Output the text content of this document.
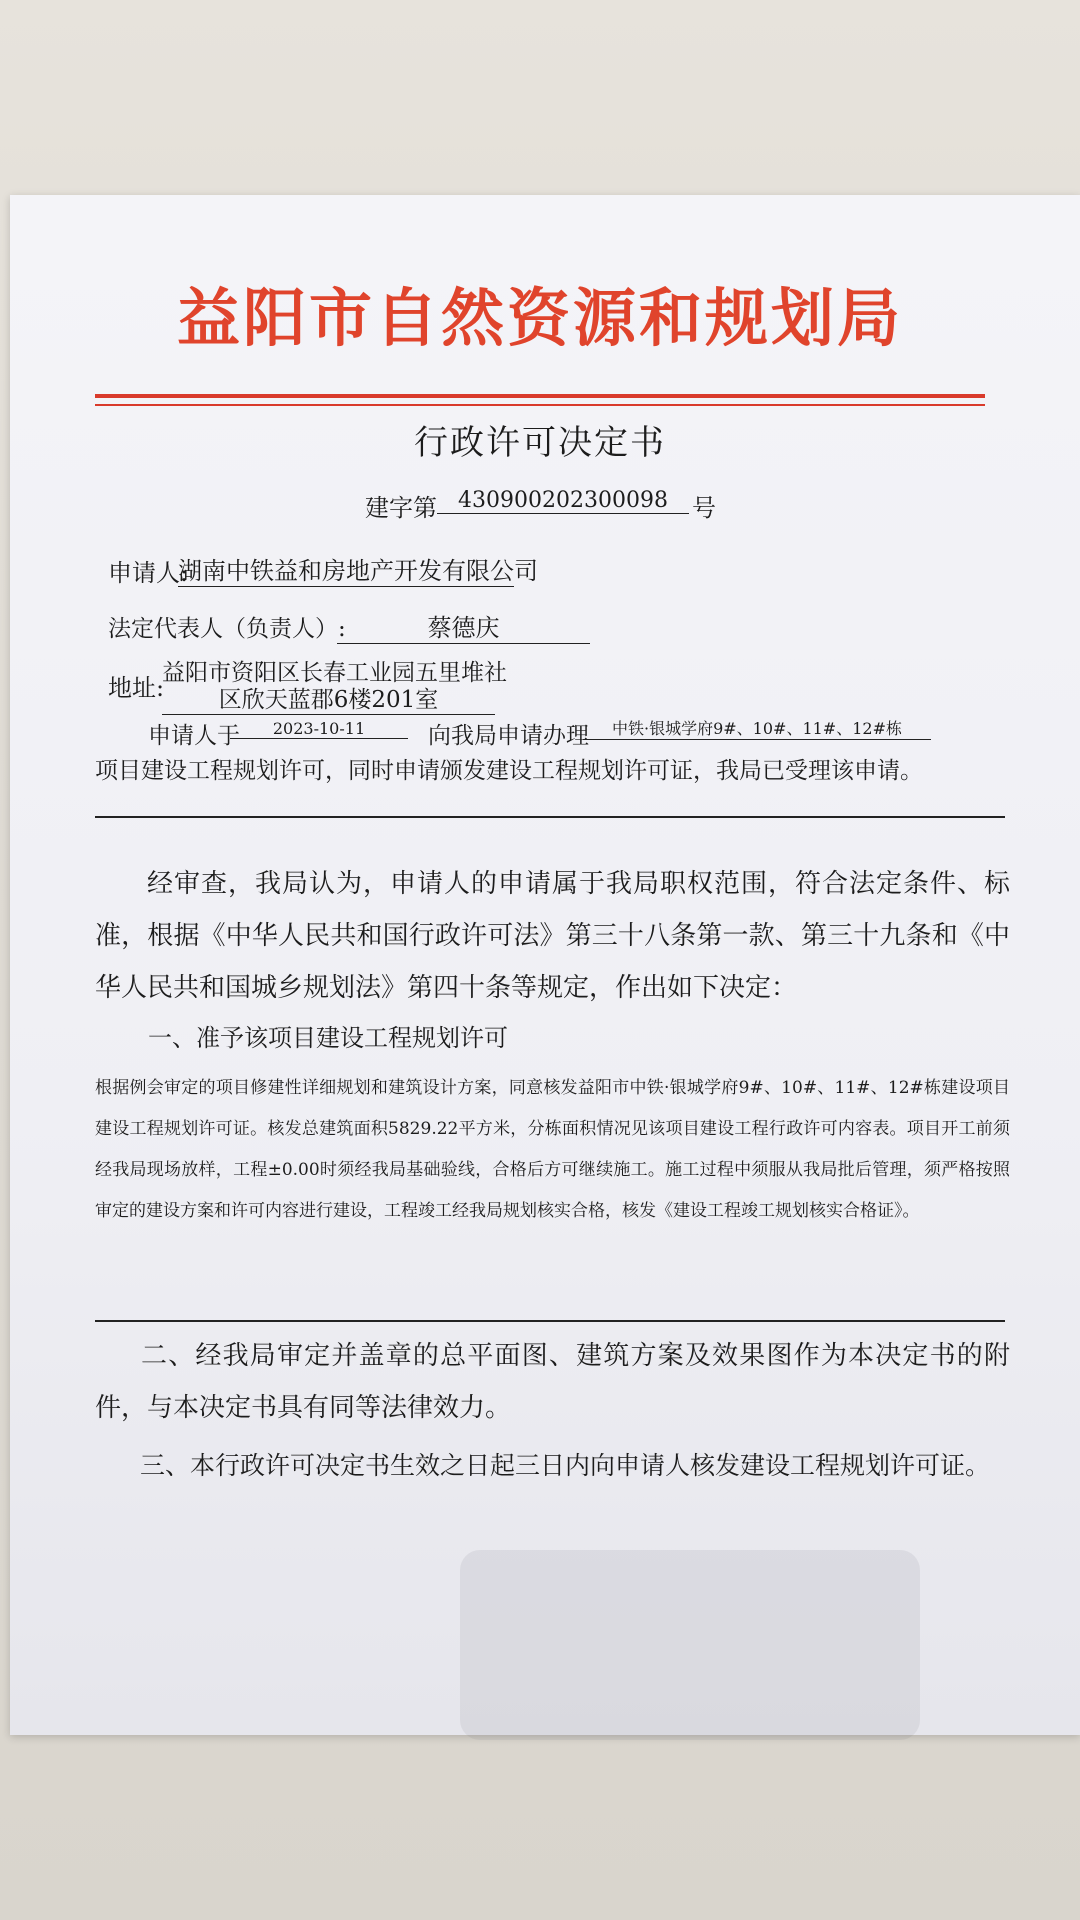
益阳市自然资源和规划局
行政许可决定书
建字第 430900202300098	号
申请人:
湖南中铁益和房地产开发有限公司
法定代表人（负责人）:	蔡德庆
地址:
益阳市资阳区长春工业园五里堆社
区欣天蓝郡6楼201室
申请人于	2023-10-11	向我局申请办理	中铁·银城学府9#、10#、11#、12#栋
项目建设工程规划许可，同时申请颁发建设工程规划许可证，我局已受理该申请。
经审查，我局认为，申请人的申请属于我局职权范围，符合法定条件、标准，根据《中华人民共和国行政许可法》第三十八条第一款、第三十九条和《中华人民共和国城乡规划法》第四十条等规定，作出如下决定：
一、准予该项目建设工程规划许可
根据例会审定的项目修建性详细规划和建筑设计方案，同意核发益阳市中铁·银城学府9#、10#、11#、12#栋建设项目建设工程规划许可证。核发总建筑面积5829.22平方米，分栋面积情况见该项目建设工程行政许可内容表。项目开工前须经我局现场放样，工程±0.00时须经我局基础验线，合格后方可继续施工。施工过程中须服从我局批后管理，须严格按照审定的建设方案和许可内容进行建设，工程竣工经我局规划核实合格，核发《建设工程竣工规划核实合格证》。
二、经我局审定并盖章的总平面图、建筑方案及效果图作为本决定书的附件，与本决定书具有同等法律效力。
三、本行政许可决定书生效之日起三日内向申请人核发建设工程规划许可证。
